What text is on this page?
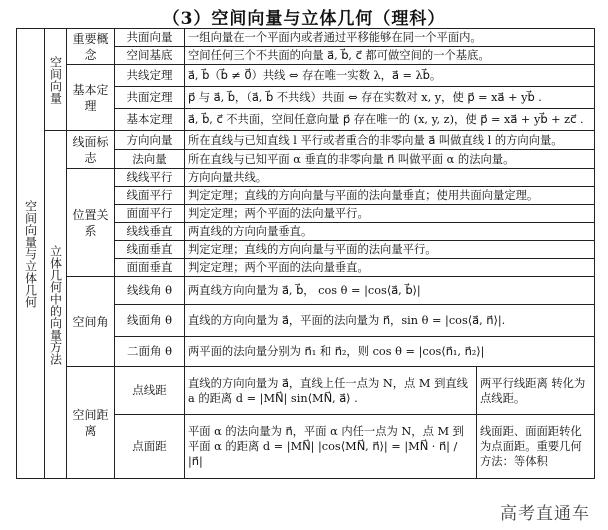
（3）空间向量与立体几何（理科）
空间向量与立体几何	空间向量	重要概念	共面向量	一组向量在一个平面内或者通过平移能够在同一个平面内。	
			空间基底	空间任何三个不共面的向量 a⃗, b⃗, c⃗ 都可做空间的一个基底。	
		基本定理	共线定理	a⃗, b⃗（b⃗ ≠ 0⃗）共线 ⇔ 存在唯一实数 λ，a⃗ = λb⃗。	
			共面定理	p⃗ 与 a⃗, b⃗，（a⃗, b⃗ 不共线）共面 ⇔ 存在实数对 x, y，使 p⃗ = xa⃗ + yb⃗ .	
			基本定理	a⃗, b⃗, c⃗ 不共面，空间任意向量 p⃗ 存在唯一的 (x, y, z)，使 p⃗ = xa⃗ + yb⃗ + zc⃗ .	
	立体几何中的向量方法	线面标志	方向向量	所在直线与已知直线 l 平行或者重合的非零向量 a⃗ 叫做直线 l 的方向向量。	
			法向量	所在直线与已知平面 α 垂直的非零向量 n⃗ 叫做平面 α 的法向量。	
		位置关系	线线平行	方向向量共线。	
			线面平行	判定定理；直线的方向向量与平面的法向量垂直；使用共面向量定理。	
			面面平行	判定定理；两个平面的法向量平行。	
			线线垂直	两直线的方向向量垂直。	
			线面垂直	判定定理；直线的方向向量与平面的法向量平行。	
			面面垂直	判定定理；两个平面的法向量垂直。	
		空间角	线线角 θ	两直线方向向量为 a⃗, b⃗， cos θ = |cos⟨a⃗, b⃗⟩|	
			线面角 θ	直线的方向向量为 a⃗，平面的法向量为 n⃗，sin θ = |cos⟨a⃗, n⃗⟩|.	
			二面角 θ	两平面的法向量分别为 n⃗₁ 和 n⃗₂，则 cos θ = |cos⟨n⃗₁, n⃗₂⟩|	
		空间距离	点线距	直线的方向向量为 a⃗，直线上任一点为 N，点 M 到直线 a 的距离 d = |MN⃗| sin⟨MN⃗, a⃗⟩ .	两平行线距离 转化为点线距。
			点面距	平面 α 的法向量为 n⃗，平面 α 内任一点为 N，点 M 到平面 α 的距离 d = |MN⃗| |cos⟨MN⃗, n⃗⟩| = |MN⃗ · n⃗| / |n⃗|	线面距、面面距转化为点面距。重要几何方法：等体积
高考直通车
